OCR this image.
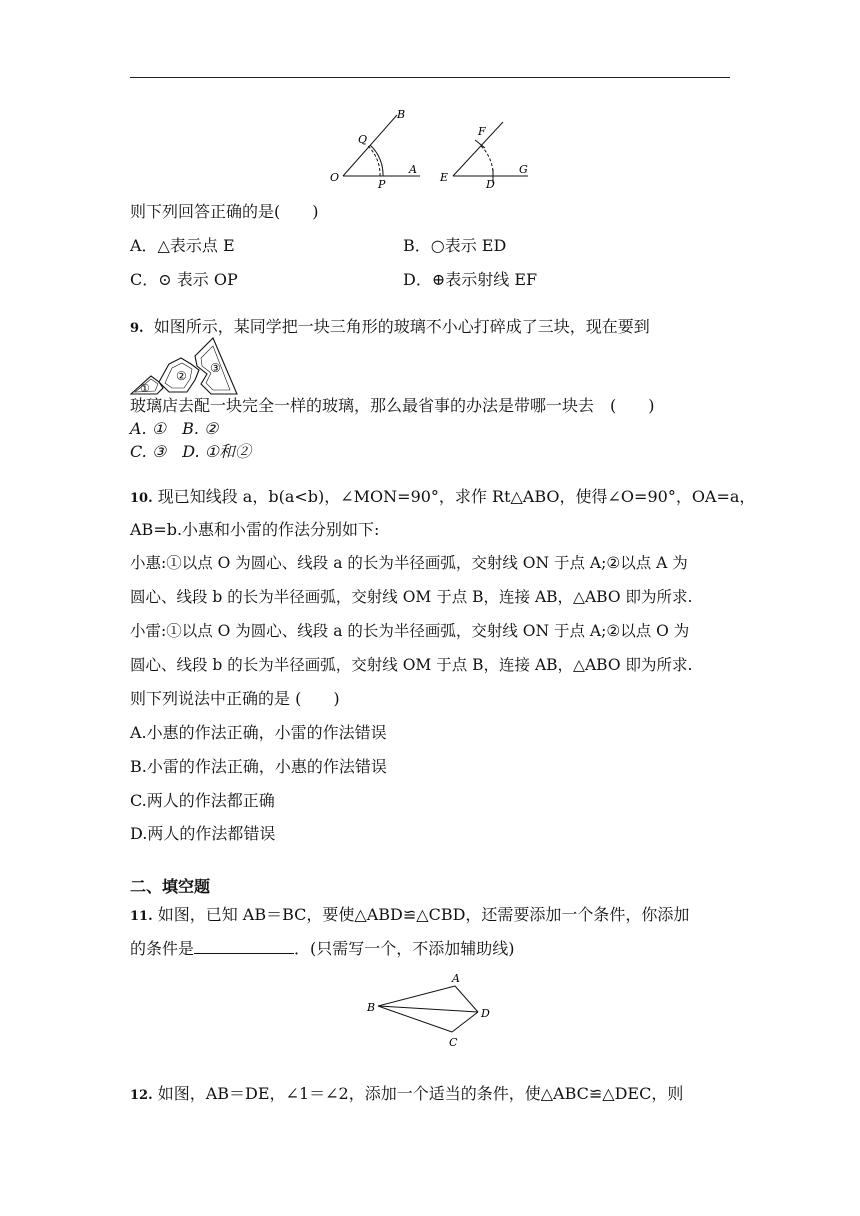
O
A
B
P
Q
E
G
F
D
则下列回答正确的是(　　)
A．△表示点 E	B．○表示 ED
C．⊙ 表示 OP	D．⊕表示射线 EF
9. 如图所示，某同学把一块三角形的玻璃不小心打碎成了三块，现在要到
①
②
③
玻璃店去配一块完全一样的玻璃，那么最省事的办法是带哪一块去　(　　)
A. ①　B. ②
C. ③　D. ①和②
10. 现已知线段 a，b(a<b)，∠MON=90°，求作 Rt△ABO，使得∠O=90°，OA=a，
AB=b.小惠和小雷的作法分别如下:
小惠:①以点 O 为圆心、线段 a 的长为半径画弧，交射线 ON 于点 A;②以点 A 为
圆心、线段 b 的长为半径画弧，交射线 OM 于点 B，连接 AB，△ABO 即为所求.
小雷:①以点 O 为圆心、线段 a 的长为半径画弧，交射线 ON 于点 A;②以点 O 为
圆心、线段 b 的长为半径画弧，交射线 OM 于点 B，连接 AB，△ABO 即为所求.
则下列说法中正确的是 (　　)
A.小惠的作法正确，小雷的作法错误
B.小雷的作法正确，小惠的作法错误
C.两人的作法都正确
D.两人的作法都错误
二、填空题
11. 如图，已知 AB＝BC，要使△ABD≌△CBD，还需要添加一个条件，你添加
的条件是	．(只需写一个，不添加辅助线)
A
B
C
D
12. 如图，AB＝DE，∠1＝∠2，添加一个适当的条件，使△ABC≌△DEC，则
